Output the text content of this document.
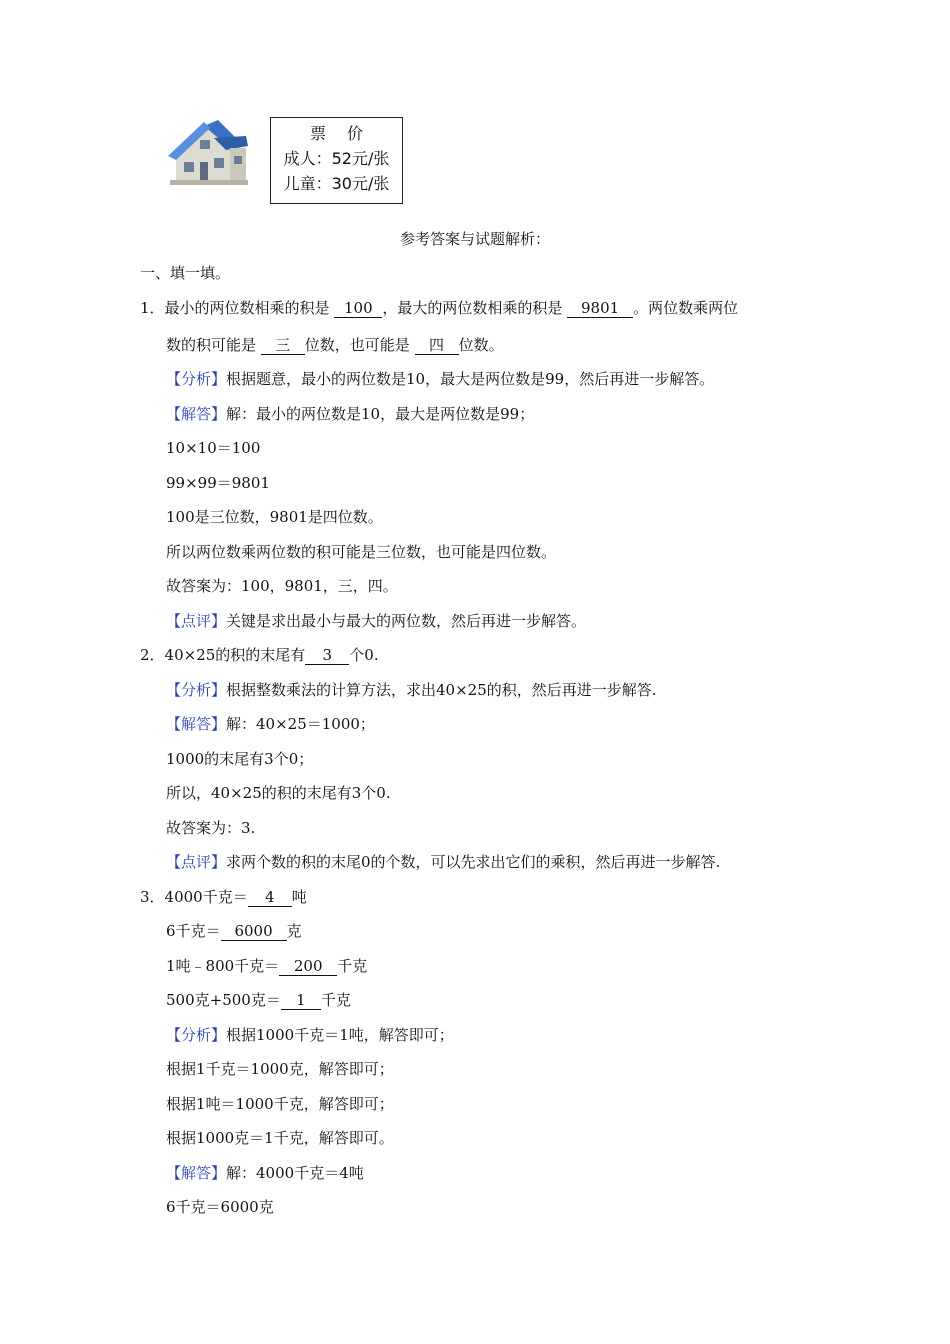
票 价
成人：52元/张
儿童：30元/张
参考答案与试题解析：
一、填一填。
1．最小的两位数相乘的积是 100 ，最大的两位数相乘的积是 9801 。两位数乘两位
数的积可能是 三 位数，也可能是 四 位数。
【分析】根据题意，最小的两位数是10，最大是两位数是99，然后再进一步解答。
【解答】解：最小的两位数是10，最大是两位数是99；
10×10＝100
99×99＝9801
100是三位数，9801是四位数。
所以两位数乘两位数的积可能是三位数，也可能是四位数。
故答案为：100，9801，三，四。
【点评】关键是求出最小与最大的两位数，然后再进一步解答。
2．40×25的积的末尾有 3 个0.
【分析】根据整数乘法的计算方法，求出40×25的积，然后再进一步解答.
【解答】解：40×25＝1000；
1000的末尾有3个0；
所以，40×25的积的末尾有3个0.
故答案为：3.
【点评】求两个数的积的末尾0的个数，可以先求出它们的乘积，然后再进一步解答.
3．4000千克＝ 4 吨
6千克＝ 6000 克
1吨﹣800千克＝ 200 千克
500克+500克＝ 1 千克
【分析】根据1000千克＝1吨，解答即可；
根据1千克＝1000克，解答即可；
根据1吨＝1000千克，解答即可；
根据1000克＝1千克，解答即可。
【解答】解：4000千克＝4吨
6千克＝6000克
